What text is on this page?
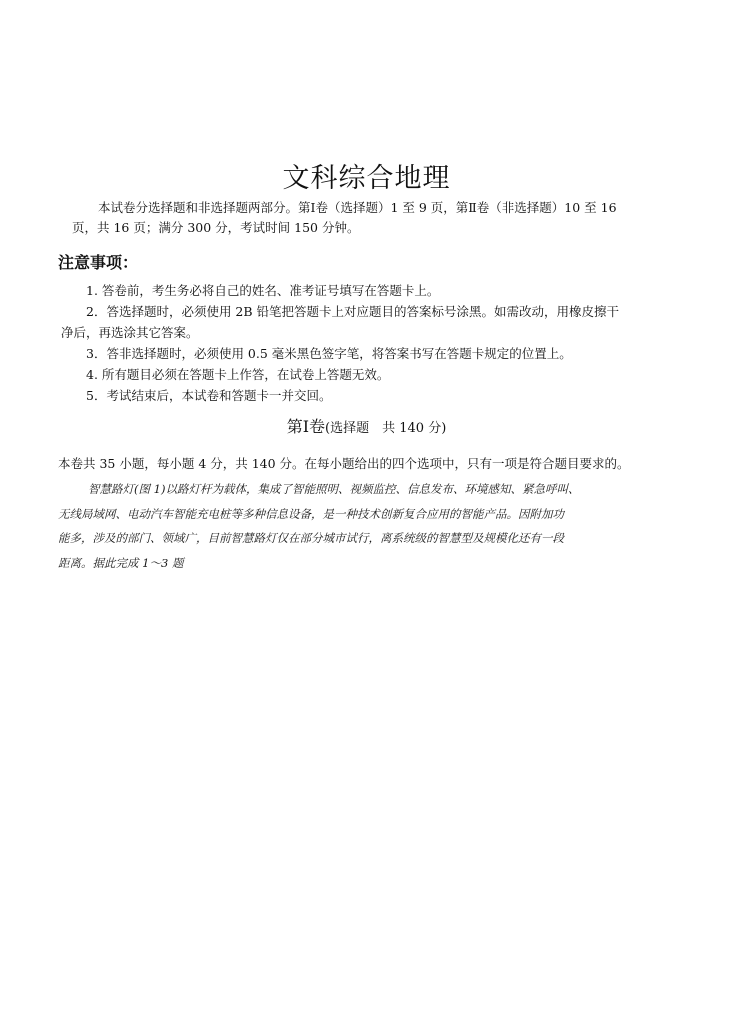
文科综合地理
本试卷分选择题和非选择题两部分。第Ⅰ卷（选择题）1 至 9 页，第Ⅱ卷（非选择题）10 至 16
页，共 16 页；满分 300 分，考试时间 150 分钟。
注意事项：
1. 答卷前，考生务必将自己的姓名、准考证号填写在答题卡上。
2．答选择题时，必须使用 2B 铅笔把答题卡上对应题目的答案标号涂黑。如需改动，用橡皮擦干
净后，再选涂其它答案。
3．答非选择题时，必须使用 0.5 毫米黑色签字笔，将答案书写在答题卡规定的位置上。
4. 所有题目必须在答题卡上作答，在试卷上答题无效。
5．考试结束后，本试卷和答题卡一并交回。
第Ⅰ卷(选择题　共 140 分)
本卷共 35 小题，每小题 4 分，共 140 分。在每小题给出的四个选项中，只有一项是符合题目要求的。
智慧路灯(图 1)以路灯杆为载体，集成了智能照明、视频监控、信息发布、环境感知、紧急呼叫、
无线局域网、电动汽车智能充电桩等多种信息设备，是一种技术创新复合应用的智能产品。因附加功
能多，涉及的部门、领域广，目前智慧路灯仅在部分城市试行，离系统级的智慧型及规模化还有一段
距离。据此完成 1～3 题
